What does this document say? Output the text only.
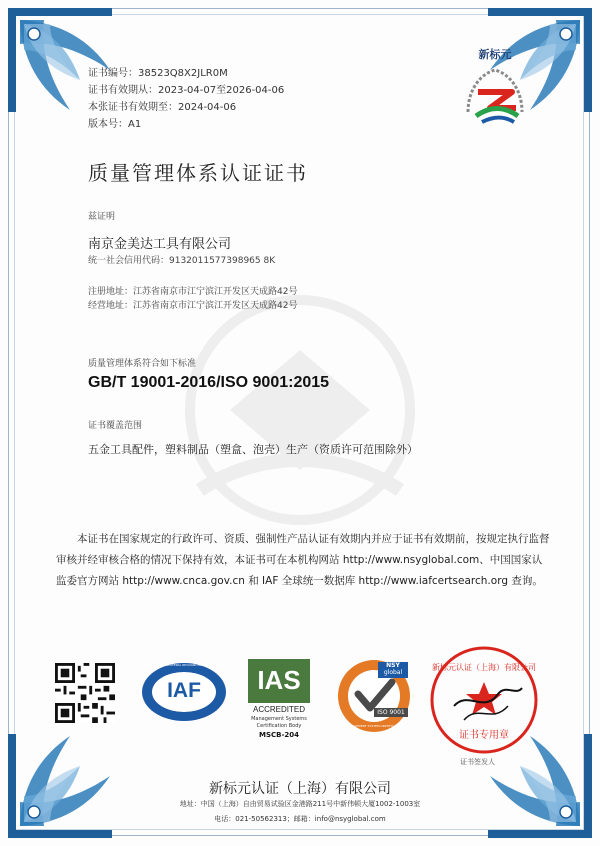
证书编号：38523Q8X2JLR0M
证书有效期从：2023-04-07至2026-04-06
本张证书有效期至：2024-04-06
版本号：A1
新标元
质量管理体系认证证书
兹证明
南京金美达工具有限公司
统一社会信用代码：9132011577398965 8K
注册地址：江苏省南京市江宁滨江开发区天成路42号
经营地址：江苏省南京市江宁滨江开发区天成路42号
质量管理体系符合如下标准
GB/T 19001-2016/ISO 9001:2015
证书覆盖范围
五金工具配件，塑料制品（塑盒、泡壳）生产（资质许可范围除外）
本证书在国家规定的行政许可、资质、强制性产品认证有效期内并应于证书有效期前，按规定执行监督审核并经审核合格的情况下保持有效，本证书可在本机构网站 http://www.nsyglobal.com、中国国家认监委官方网站 http://www.cnca.gov.cn 和 IAF 全球统一数据库 http://www.iafcertsearch.org 查询。
IAF
MEMBER OF MULTILATERAL RECOGNITION ARRANGEMENT	IAS
ACCREDITED
Management Systems
Certification Body
MSCB-204
NSY
global
ISO 9001
MANAGEMENT SYSTEM CERTIFICATION
新标元认证（上海）有限公司
证书专用章
证书签发人
新标元认证（上海）有限公司
地址：中国（上海）自由贸易试验区金港路211号中新伟顿大厦1002-1003室
电话：021-50562313；邮箱：info@nsyglobal.com
